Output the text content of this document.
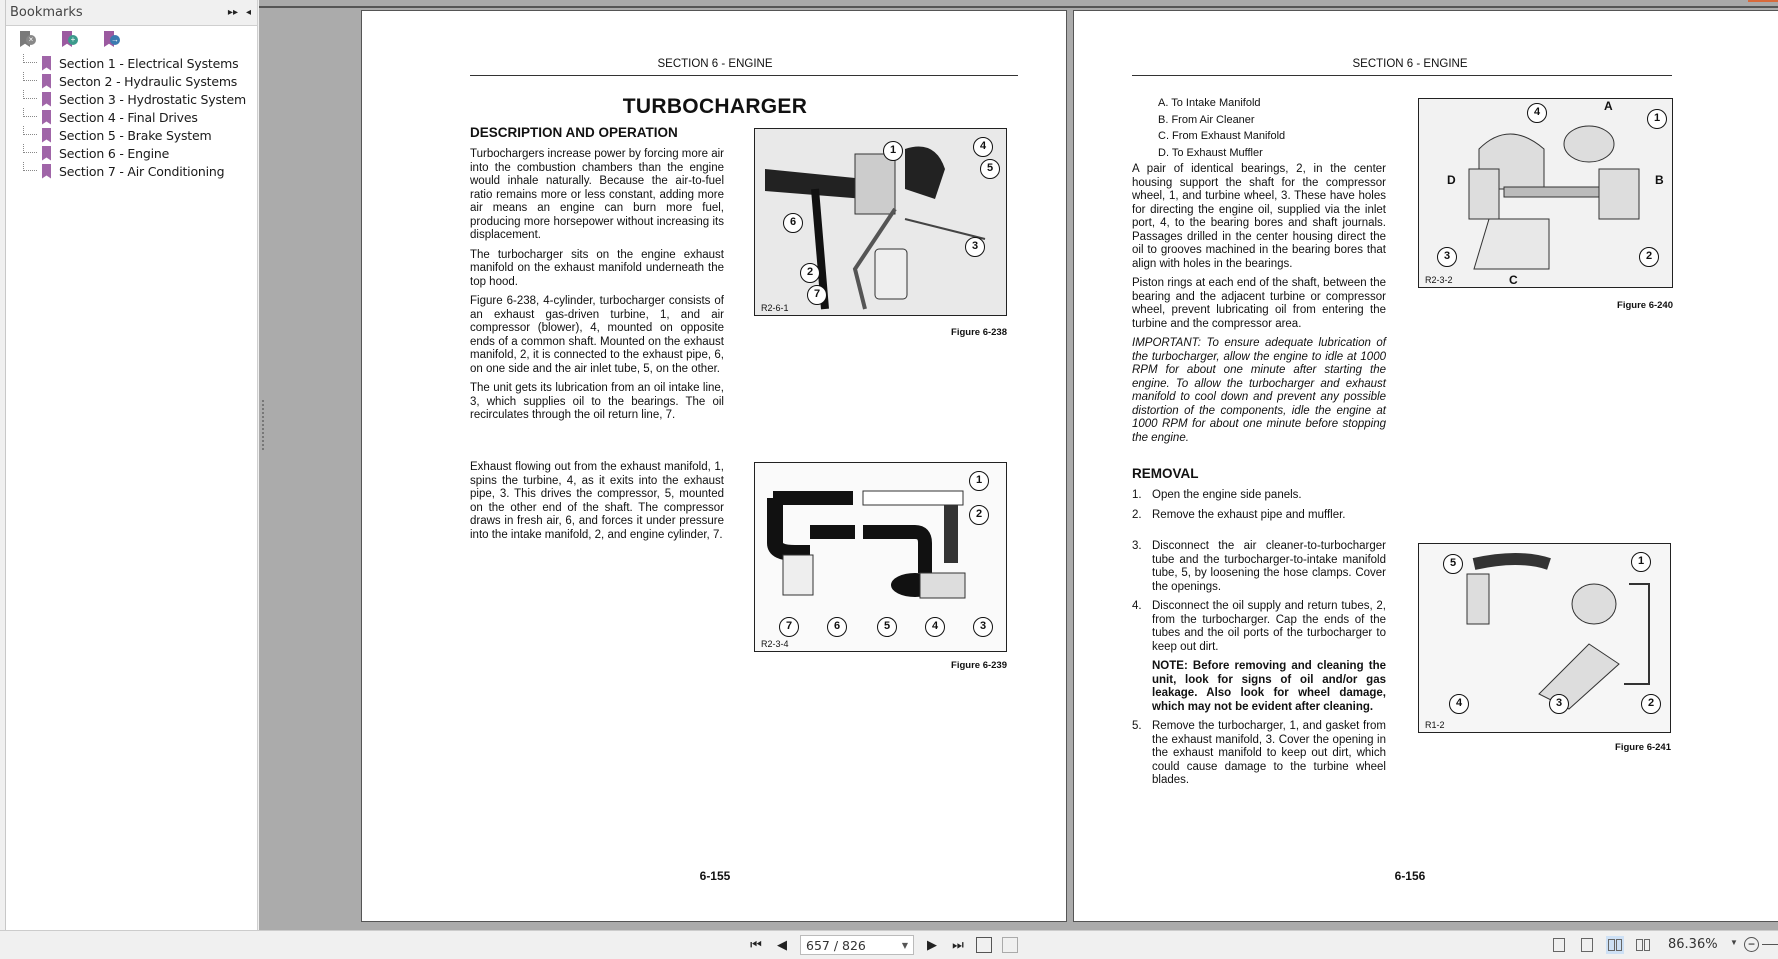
Bookmarks	▸▸ ◂
×	+	→
Section 1 - Electrical Systems
Secton 2 - Hydraulic Systems
Section 3 - Hydrostatic System
Section 4 - Final Drives
Section 5 - Brake System
Section 6 - Engine
Section 7 - Air Conditioning
SECTION 6 - ENGINE
TURBOCHARGER
DESCRIPTION AND OPERATION

Turbochargers increase power by forcing more air into the combustion chambers than the engine would inhale naturally. Because the air-to-fuel ratio remains more or less constant, adding more air means an engine can burn more fuel, producing more horsepower without increasing its displacement.

The turbocharger sits on the engine exhaust manifold on the exhaust manifold underneath the top hood.

Figure 6-238, 4-cylinder, turbocharger consists of an exhaust gas-driven turbine, 1, and air compressor (blower), 4, mounted on opposite ends of a common shaft. Mounted on the exhaust manifold, 2, it is connected to the exhaust pipe, 6, on one side and the air inlet tube, 5, on the other.

The unit gets its lubrication from an oil intake line, 3, which supplies oil to the bearings. The oil recirculates through the oil return line, 7.

Exhaust flowing out from the exhaust manifold, 1, spins the turbine, 4, as it exits into the exhaust pipe, 3. This drives the compressor, 5, mounted on the other end of the shaft. The compressor draws in fresh air, 6, and forces it under pressure into the intake manifold, 2, and engine cylinder, 7.
1
2
3
4
5
6
7
R2-6-1
Figure 6-238
1
2
3
4
5
6
7
R2-3-4
Figure 6-239
6-155
SECTION 6 - ENGINE
A. To Intake Manifold
B. From Air Cleaner
C. From Exhaust Manifold
D. To Exhaust Muffler

A pair of identical bearings, 2, in the center housing support the shaft for the compressor wheel, 1, and turbine wheel, 3. These have holes for directing the engine oil, supplied via the inlet port, 4, to the bearing bores and shaft journals. Passages drilled in the center housing direct the oil to grooves machined in the bearing bores that align with holes in the bearings.

Piston rings at each end of the shaft, between the bearing and the adjacent turbine or compressor wheel, prevent lubricating oil from entering the turbine and the compressor area.

IMPORTANT: To ensure adequate lubrication of the turbocharger, allow the engine to idle at 1000 RPM for about one minute after starting the engine. To allow the turbocharger and exhaust manifold to cool down and prevent any possible distortion of the components, idle the engine at 1000 RPM for about one minute before stopping the engine.

REMOVAL
1. Open the engine side panels.
2. Remove the exhaust pipe and muffler.
3. Disconnect the air cleaner-to-turbocharger tube and the turbocharger-to-intake manifold tube, 5, by loosening the hose clamps. Cover the openings.
4. Disconnect the oil supply and return tubes, 2, from the turbocharger. Cap the ends of the tubes and the oil ports of the turbocharger to keep out dirt.
NOTE: Before removing and cleaning the unit, look for signs of oil and/or gas leakage. Also look for wheel damage, which may not be evident after cleaning.
5. Remove the turbocharger, 1, and gasket from the exhaust manifold, 3. Cover the opening in the exhaust manifold to keep out dirt, which could cause damage to the turbine wheel blades.
4	1
2
3
A
B
C
D
R2-3-2
Figure 6-240
1
2
3
4
5
R1-2
Figure 6-241
6-156
⏮ ◀ 657 / 826	▼ ▶ ⏭	86.36% ▼ −
